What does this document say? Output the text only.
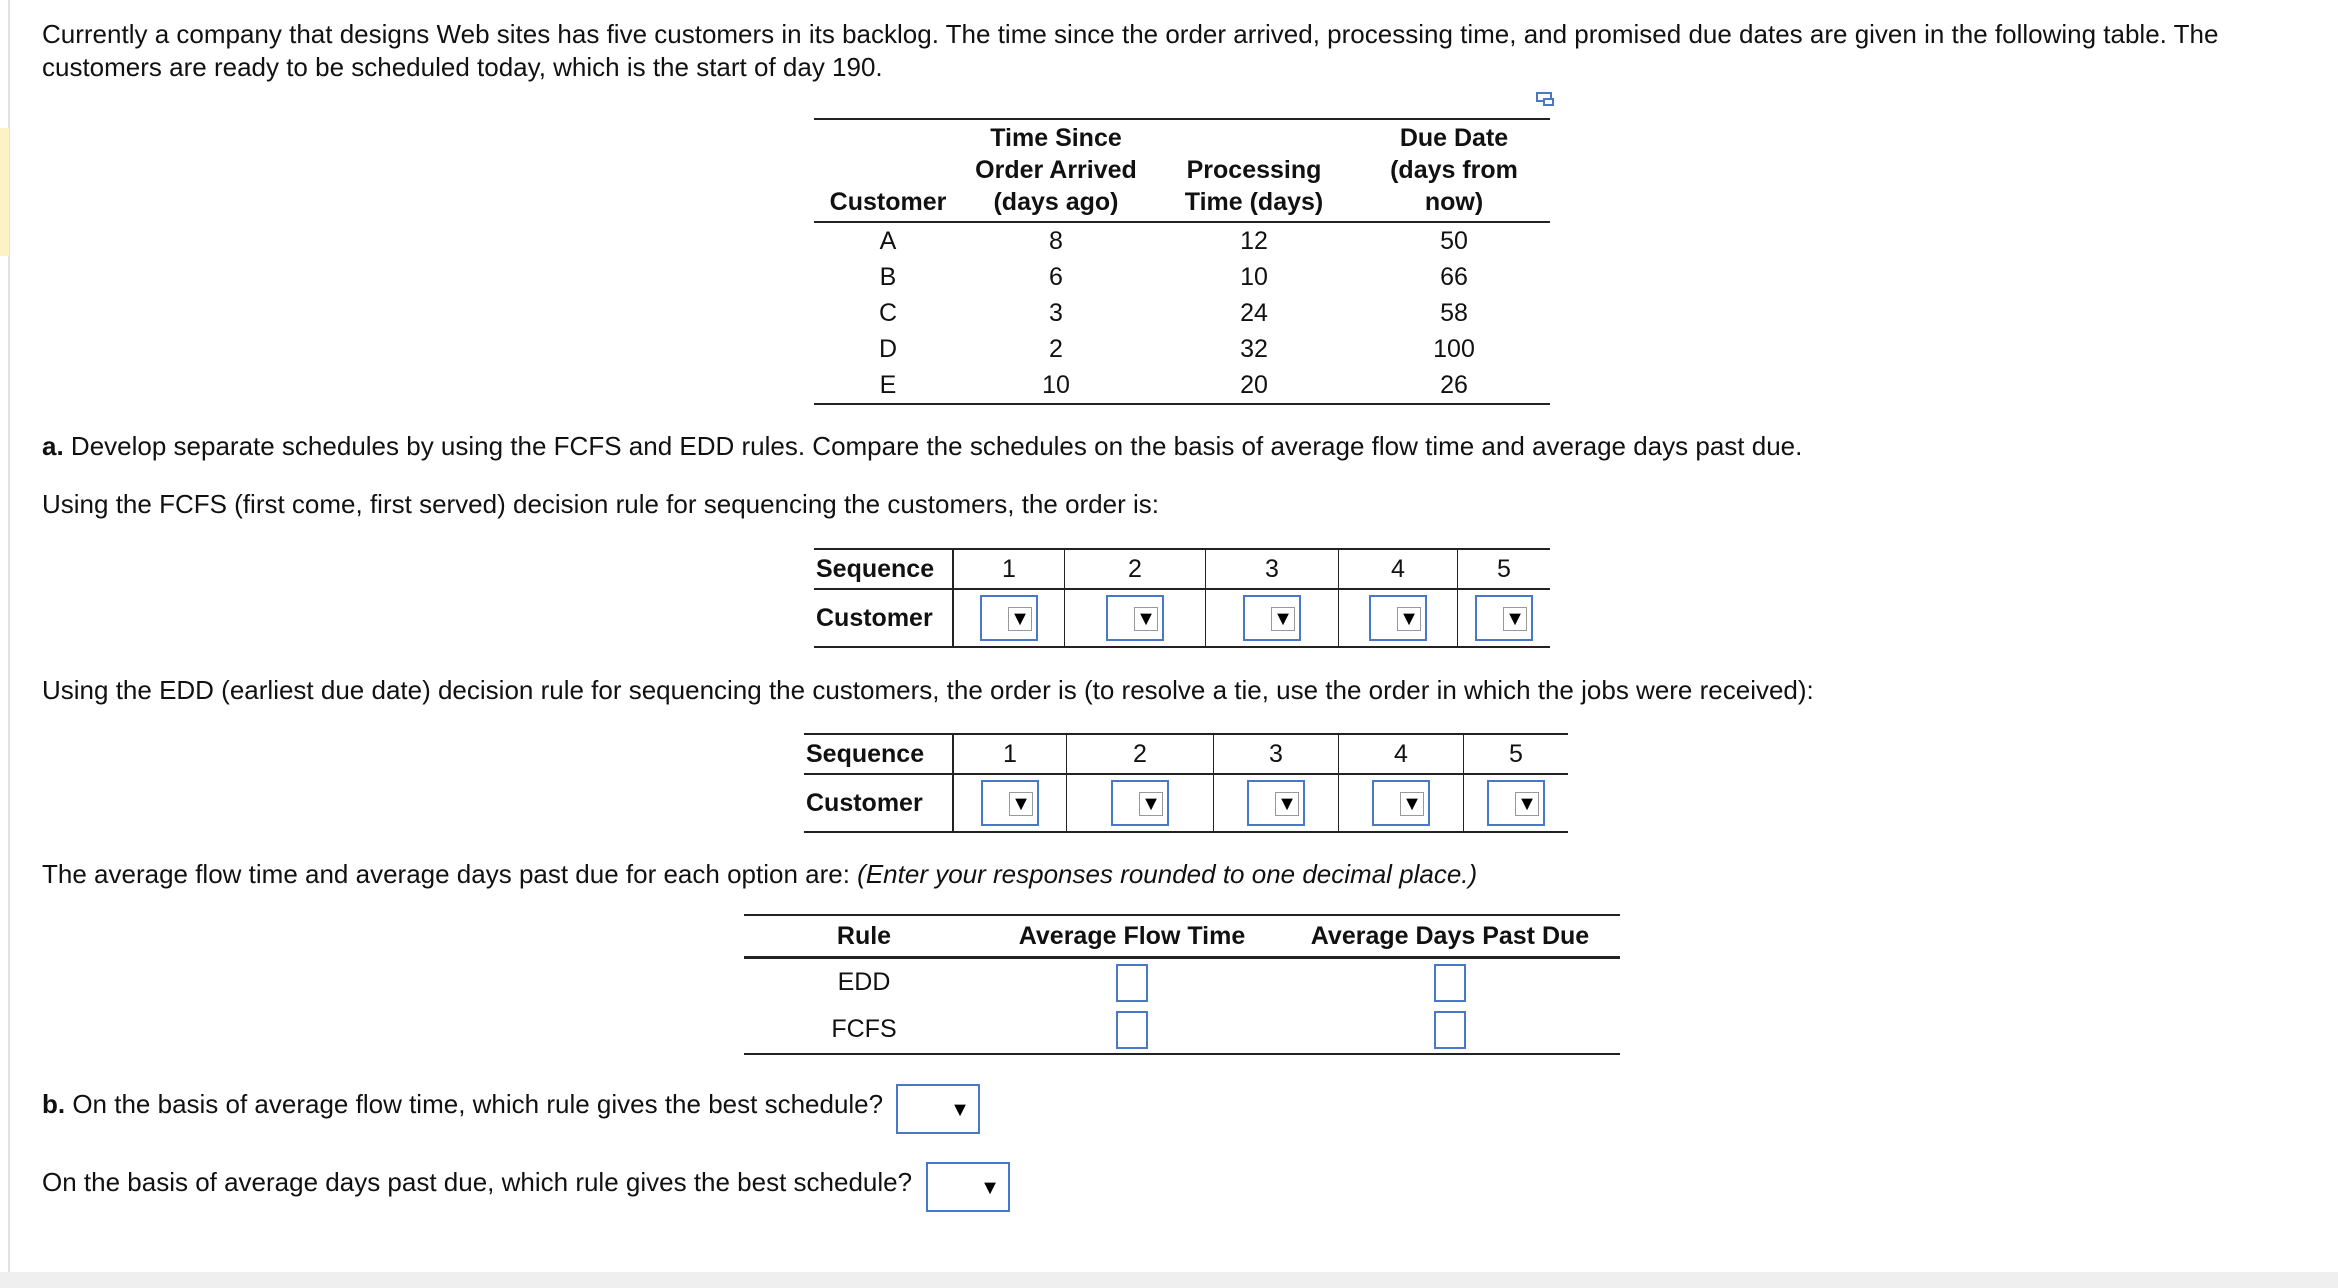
Currently a company that designs Web sites has five customers in its backlog. The time since the order arrived, processing time, and promised due dates are given in the following table. The
customers are ready to be scheduled today, which is the start of day 190.
Customer	Time Since
Order Arrived
(days ago)	Processing
Time (days)	Due Date
(days from
now)
A	8	12	50
B	6	10	66
C	3	24	58
D	2	32	100
E	10	20	26
a. Develop separate schedules by using the FCFS and EDD rules. Compare the schedules on the basis of average flow time and average days past due.
Using the FCFS (first come, first served) decision rule for sequencing the customers, the order is:
Sequence	1	2	3	4	5
Customer	▼	▼	▼	▼	▼
Using the EDD (earliest due date) decision rule for sequencing the customers, the order is (to resolve a tie, use the order in which the jobs were received):
Sequence	1	2	3	4	5
Customer	▼	▼	▼	▼	▼
The average flow time and average days past due for each option are: (Enter your responses rounded to one decimal place.)
Rule	Average Flow Time	Average Days Past Due
EDD		
FCFS		
b. On the basis of average flow time, which rule gives the best schedule?	▼
On the basis of average days past due, which rule gives the best schedule?	▼
